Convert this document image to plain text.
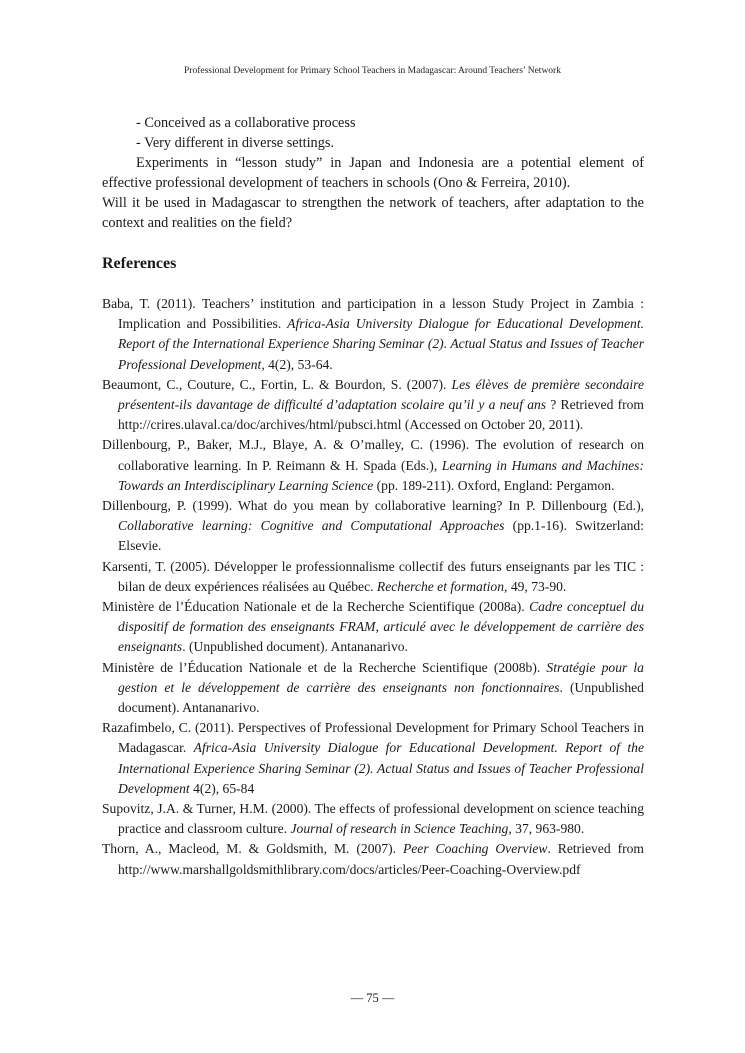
Professional Development for Primary School Teachers in Madagascar: Around Teachers’ Network
- Conceived as a collaborative process
- Very different in diverse settings.
Experiments in “lesson study” in Japan and Indonesia are a potential element of effective professional development of teachers in schools (Ono & Ferreira, 2010).
Will it be used in Madagascar to strengthen the network of teachers, after adaptation to the context and realities on the field?
References

Baba, T. (2011). Teachers’ institution and participation in a lesson Study Project in Zambia : Implication and Possibilities. Africa-Asia University Dialogue for Educational Development. Report of the International Experience Sharing Seminar (2). Actual Status and Issues of Teacher Professional Development, 4(2), 53-64.

Beaumont, C., Couture, C., Fortin, L. & Bourdon, S. (2007). Les élèves de première secondaire présentent-ils davantage de difficulté d’adaptation scolaire qu’il y a neuf ans ? Retrieved from http://crires.ulaval.ca/doc/archives/html/pubsci.html (Accessed on October 20, 2011).

Dillenbourg, P., Baker, M.J., Blaye, A. & O’malley, C. (1996). The evolution of research on collaborative learning. In P. Reimann & H. Spada (Eds.), Learning in Humans and Machines: Towards an Interdisciplinary Learning Science (pp. 189-211). Oxford, England: Pergamon.

Dillenbourg, P. (1999). What do you mean by collaborative learning? In P. Dillenbourg (Ed.), Collaborative learning: Cognitive and Computational Approaches (pp.1-16). Switzerland: Elsevie.

Karsenti, T. (2005). Développer le professionnalisme collectif des futurs enseignants par les TIC : bilan de deux expériences réalisées au Québec. Recherche et formation, 49, 73-90.

Ministère de l’Éducation Nationale et de la Recherche Scientifique (2008a). Cadre conceptuel du dispositif de formation des enseignants FRAM, articulé avec le développement de carrière des enseignants. (Unpublished document). Antananarivo.

Ministère de l’Éducation Nationale et de la Recherche Scientifique (2008b). Stratégie pour la gestion et le développement de carrière des enseignants non fonctionnaires. (Unpublished document). Antananarivo.

Razafimbelo, C. (2011). Perspectives of Professional Development for Primary School Teachers in Madagascar. Africa-Asia University Dialogue for Educational Development. Report of the International Experience Sharing Seminar (2). Actual Status and Issues of Teacher Professional Development 4(2), 65-84

Supovitz, J.A. & Turner, H.M. (2000). The effects of professional development on science teaching practice and classroom culture. Journal of research in Science Teaching, 37, 963-980.

Thorn, A., Macleod, M. & Goldsmith, M. (2007). Peer Coaching Overview. Retrieved from http://www.marshallgoldsmithlibrary.com/docs/articles/Peer-Coaching-Overview.pdf

― 75 ―
